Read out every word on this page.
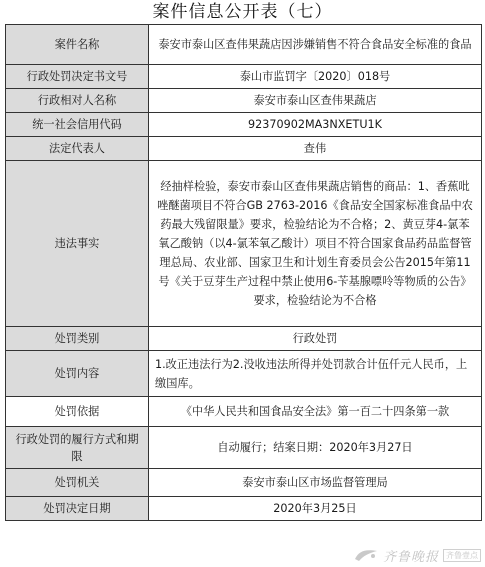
案件信息公开表（七）
案件名称	泰安市泰山区查伟果蔬店因涉嫌销售不符合食品安全标准的食品
行政处罚决定书文号	泰山市监罚字〔2020〕018号
行政相对人名称	泰安市泰山区查伟果蔬店
统一社会信用代码	92370902MA3NXETU1K
法定代表人	查伟
违法事实	经抽样检验，泰安市泰山区查伟果蔬店销售的商品：1、香蕉吡唑醚菌项目不符合GB 2763-2016《食品安全国家标准食品中农药最大残留限量》要求，检验结论为不合格；2、黄豆芽4-氯苯氧乙酸钠（以4-氯苯氧乙酸计）项目不符合国家食品药品监督管理总局、农业部、国家卫生和计划生育委员会公告2015年第11号《关于豆芽生产过程中禁止使用6-苄基腺嘌呤等物质的公告》要求，检验结论为不合格
处罚类别	行政处罚
处罚内容	1.改正违法行为2.没收违法所得并处罚款合计伍仟元人民币，上缴国库。
处罚依据	《中华人民共和国食品安全法》第一百二十四条第一款
行政处罚的履行方式和期限	自动履行；结案日期：2020年3月27日
处罚机关	泰安市泰山区市场监督管理局
处罚决定日期	2020年3月25日
齐鲁晚报 齐鲁壹点
